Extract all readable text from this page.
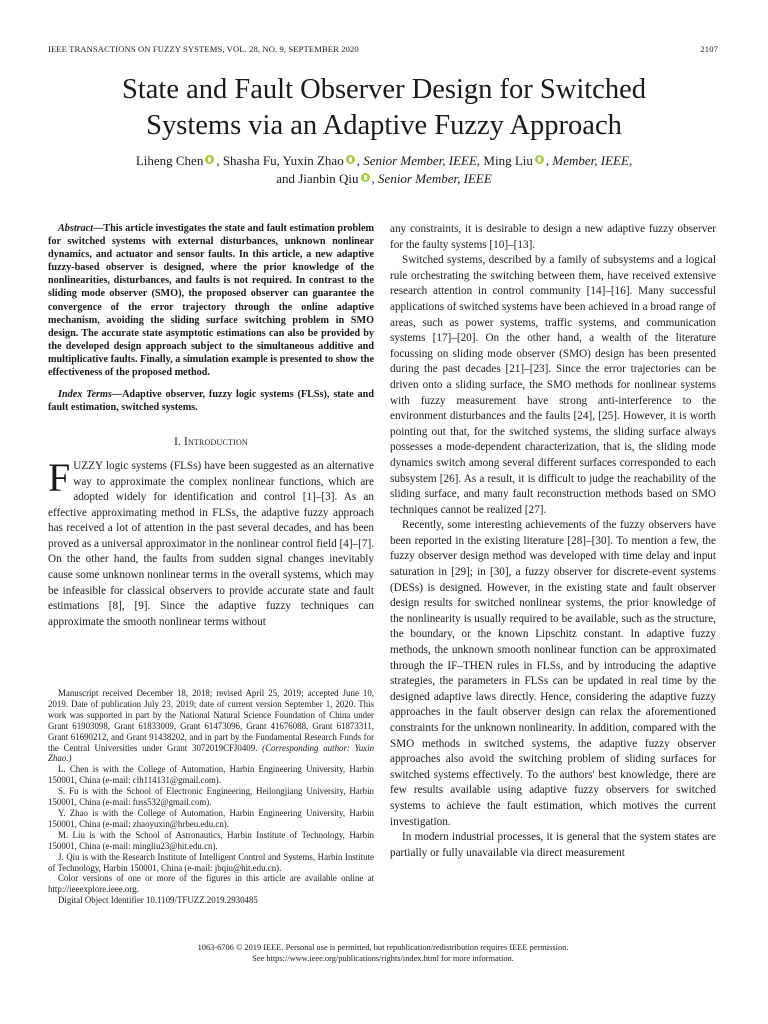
IEEE TRANSACTIONS ON FUZZY SYSTEMS, VOL. 28, NO. 9, SEPTEMBER 2020	2107
State and Fault Observer Design for Switched
Systems via an Adaptive Fuzzy Approach
Liheng Chen , Shasha Fu, Yuxin Zhao , Senior Member, IEEE, Ming Liu , Member, IEEE,
and Jianbin Qiu , Senior Member, IEEE

Abstract—This article investigates the state and fault estimation problem for switched systems with external disturbances, unknown nonlinear dynamics, and actuator and sensor faults. In this article, a new adaptive fuzzy-based observer is designed, where the prior knowledge of the nonlinearities, disturbances, and faults is not required. In contrast to the sliding mode observer (SMO), the proposed observer can guarantee the convergence of the error trajectory through the online adaptive mechanism, avoiding the sliding surface switching problem in SMO design. The accurate state asymptotic estimations can also be provided by the developed design approach subject to the simultaneous additive and multiplicative faults. Finally, a simulation example is presented to show the effectiveness of the proposed method.

Index Terms—Adaptive observer, fuzzy logic systems (FLSs), state and fault estimation, switched systems.

I. Introduction

FUZZY logic systems (FLSs) have been suggested as an alternative way to approximate the complex nonlinear functions, which are adopted widely for identification and control [1]–[3]. As an effective approximating method in FLSs, the adaptive fuzzy approach has received a lot of attention in the past several decades, and has been proved as a universal approximator in the nonlinear control field [4]–[7]. On the other hand, the faults from sudden signal changes inevitably cause some unknown nonlinear terms in the overall systems, which may be infeasible for classical observers to provide accurate state and fault estimations [8], [9]. Since the adaptive fuzzy techniques can approximate the smooth nonlinear terms without

Manuscript received December 18, 2018; revised April 25, 2019; accepted June 10, 2019. Date of publication July 23, 2019; date of current version September 1, 2020. This work was supported in part by the National Natural Science Foundation of China under Grant 61903098, Grant 61833009, Grant 61473096, Grant 41676088, Grant 61873311, Grant 61690212, and Grant 91438202, and in part by the Fundamental Research Funds for the Central Universities under Grant 3072019CFJ0409. (Corresponding author: Yuxin Zhao.)

L. Chen is with the College of Automation, Harbin Engineering University, Harbin 150001, China (e-mail: clh114131@gmail.com).

S. Fu is with the School of Electronic Engineering, Heilongjiang University, Harbin 150001, China (e-mail: fuss532@gmail.com).

Y. Zhao is with the College of Automation, Harbin Engineering University, Harbin 150001, China (e-mail: zhaoyuxin@hrbeu.edu.cn).

M. Liu is with the School of Astronautics, Harbin Institute of Technology, Harbin 150001, China (e-mail: mingliu23@hit.edu.cn).

J. Qiu is with the Research Institute of Intelligent Control and Systems, Harbin Institute of Technology, Harbin 150001, China (e-mail: jbqiu@hit.edu.cn).

Color versions of one or more of the figures in this article are available online at http://ieeexplore.ieee.org.

Digital Object Identifier 10.1109/TFUZZ.2019.2930485

any constraints, it is desirable to design a new adaptive fuzzy observer for the faulty systems [10]–[13].

Switched systems, described by a family of subsystems and a logical rule orchestrating the switching between them, have received extensive research attention in control community [14]–[16]. Many successful applications of switched systems have been achieved in a broad range of areas, such as power systems, traffic systems, and communication systems [17]–[20]. On the other hand, a wealth of the literature focussing on sliding mode observer (SMO) design has been presented during the past decades [21]–[23]. Since the error trajectories can be driven onto a sliding surface, the SMO methods for nonlinear systems with fuzzy measurement have strong anti-interference to the environment disturbances and the faults [24], [25]. However, it is worth pointing out that, for the switched systems, the sliding surface always possesses a mode-dependent characterization, that is, the sliding mode dynamics switch among several different surfaces corresponded to each subsystem [26]. As a result, it is difficult to judge the reachability of the sliding surface, and many fault reconstruction methods based on SMO techniques cannot be realized [27].

Recently, some interesting achievements of the fuzzy observers have been reported in the existing literature [28]–[30]. To mention a few, the fuzzy observer design method was developed with time delay and input saturation in [29]; in [30], a fuzzy observer for discrete-event systems (DESs) is designed. However, in the existing state and fault observer design results for switched nonlinear systems, the prior knowledge of the nonlinearity is usually required to be available, such as the structure, the boundary, or the known Lipschitz constant. In adaptive fuzzy methods, the unknown smooth nonlinear function can be approximated through the IF–THEN rules in FLSs, and by introducing the adaptive strategies, the parameters in FLSs can be updated in real time by the designed adaptive laws directly. Hence, considering the adaptive fuzzy approaches in the fault observer design can relax the aforementioned constraints for the unknown nonlinearity. In addition, compared with the SMO methods in switched systems, the adaptive fuzzy observer approaches also avoid the switching problem of sliding surfaces for switched systems effectively. To the authors' best knowledge, there are few results available using adaptive fuzzy observers for switched systems to achieve the fault estimation, which motives the current investigation.

In modern industrial processes, it is general that the system states are partially or fully unavailable via direct measurement

1063-6706 © 2019 IEEE. Personal use is permitted, but republication/redistribution requires IEEE permission.
See https://www.ieee.org/publications/rights/index.html for more information.
